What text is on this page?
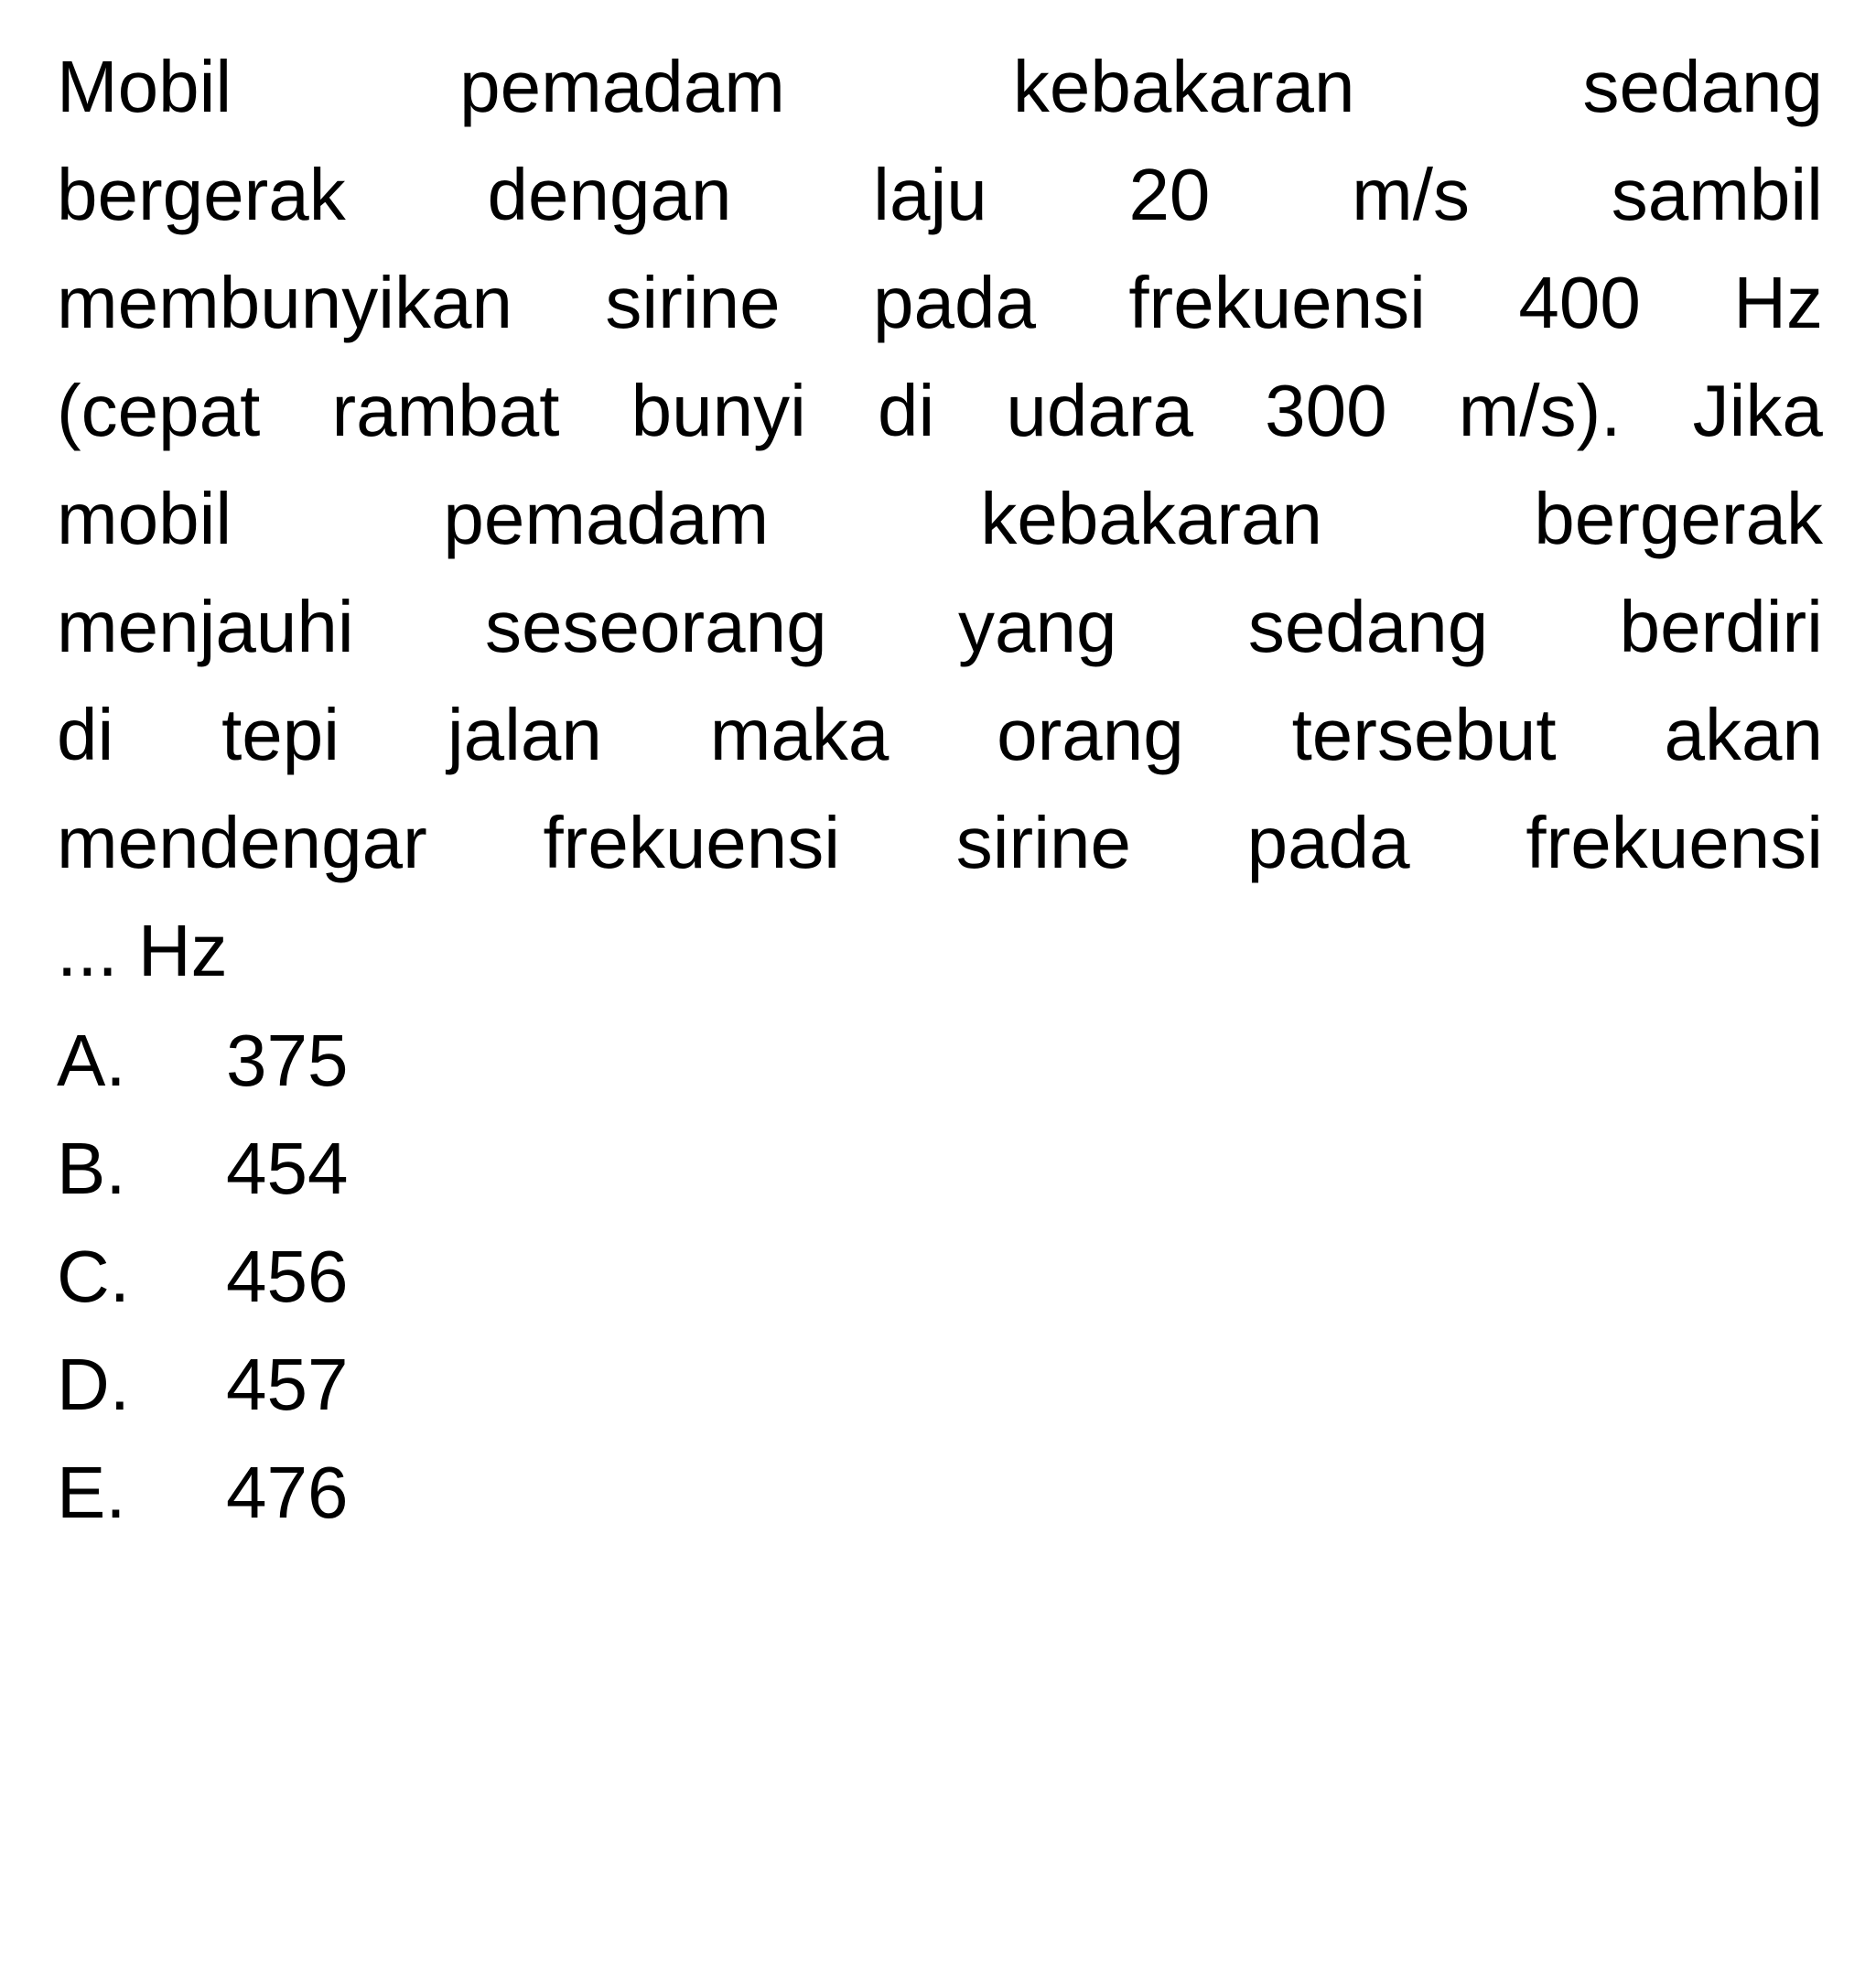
Mobil	pemadam	kebakaran	sedang
bergerak dengan laju 20 m/s sambil
membunyikan sirine pada frekuensi 400 Hz
(cepat rambat bunyi di udara 300 m/s). Jika
mobil	pemadam	kebakaran	bergerak
menjauhi seseorang yang sedang berdiri
di tepi jalan maka orang tersebut akan
mendengar frekuensi sirine pada frekuensi
... Hz
A.	375
B.	454
C.	456
D.	457
E.	476
